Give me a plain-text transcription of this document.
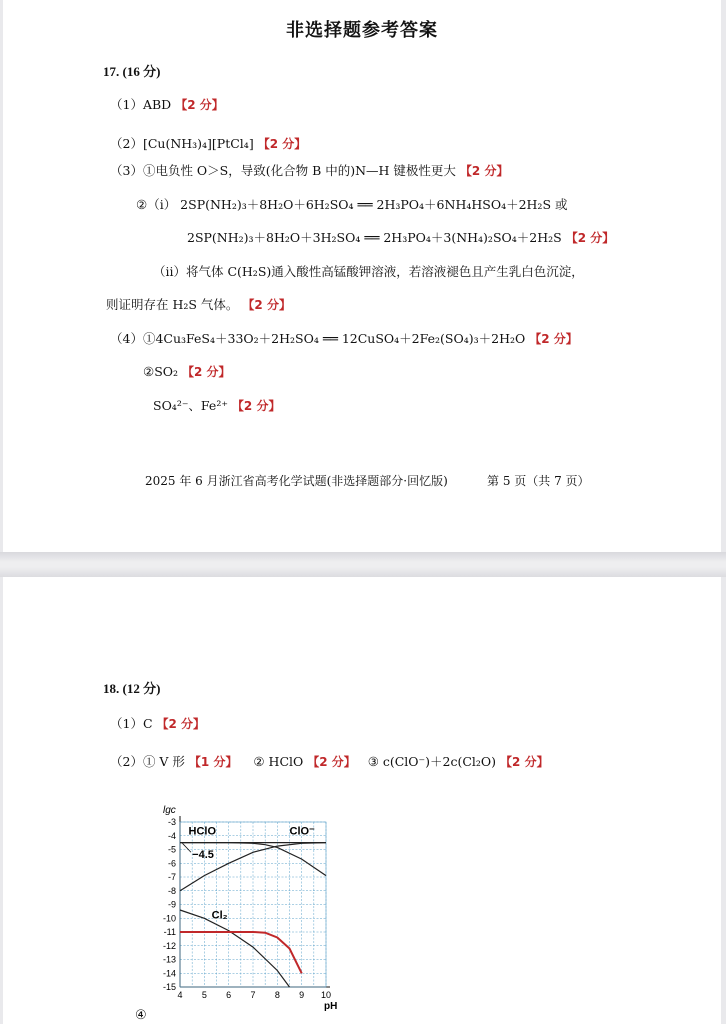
非选择题参考答案
17. (16 分)
（1）ABD 【2 分】
（2）[Cu(NH₃)₄][PtCl₄] 【2 分】
（3）①电负性 O＞S，导致(化合物 B 中的)N—H 键极性更大 【2 分】
②（i） 2SP(NH₂)₃＋8H₂O＋6H₂SO₄ ══ 2H₃PO₄＋6NH₄HSO₄＋2H₂S 或
2SP(NH₂)₃＋8H₂O＋3H₂SO₄ ══ 2H₃PO₄＋3(NH₄)₂SO₄＋2H₂S 【2 分】
（ii）将气体 C(H₂S)通入酸性高锰酸钾溶液，若溶液褪色且产生乳白色沉淀，
则证明存在 H₂S 气体。 【2 分】
（4）①4Cu₃FeS₄＋33O₂＋2H₂SO₄ ══ 12CuSO₄＋2Fe₂(SO₄)₃＋2H₂O 【2 分】
②SO₂ 【2 分】
SO₄²⁻、Fe²⁺ 【2 分】
2025 年 6 月浙江省高考化学试题(非选择题部分·回忆版)	第 5 页（共 7 页）
18. (12 分)
（1）C 【2 分】
（2）① V 形 【1 分】 ② HClO 【2 分】 ③ c(ClO⁻)＋2c(Cl₂O) 【2 分】
4 5 6 7 8 9 10
-3
-4
-5
-6
-7
-8
-9
-10
-11
-12
-13
-14
-15
lgc
pH
HClO	ClO⁻
Cl₂
−4.5
④
